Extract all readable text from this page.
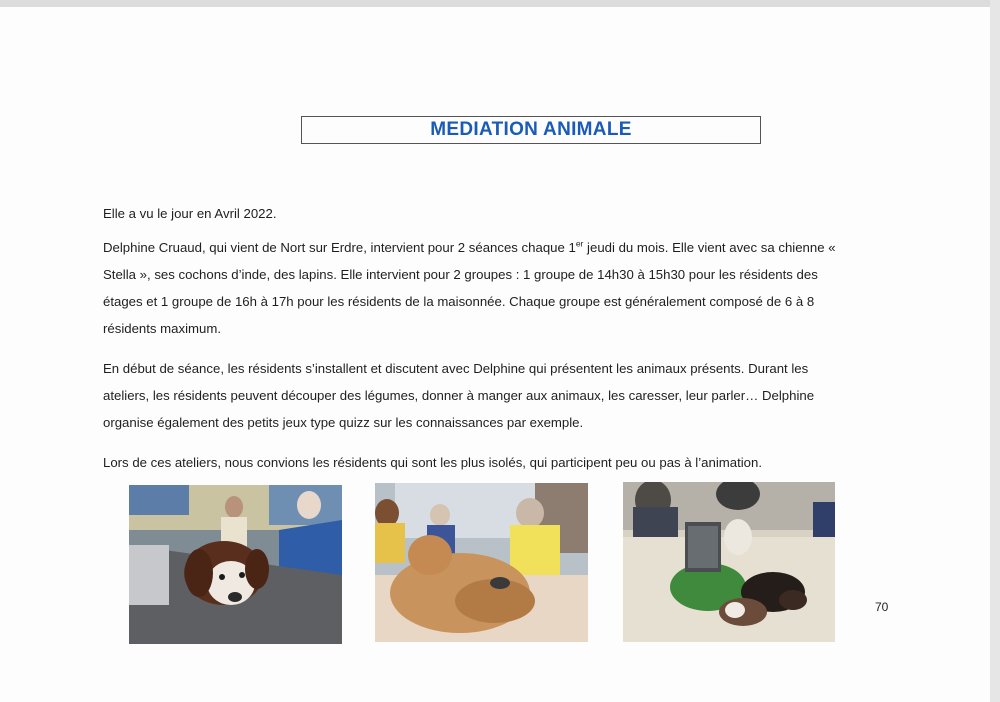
MEDIATION ANIMALE

Elle a vu le jour en Avril 2022.

Delphine Cruaud, qui vient de Nort sur Erdre, intervient pour 2 séances chaque 1er jeudi du mois. Elle vient avec sa chienne « Stella », ses cochons d’inde, des lapins. Elle intervient pour 2 groupes : 1 groupe de 14h30 à 15h30 pour les résidents des étages et 1 groupe de 16h à 17h pour les résidents de la maisonnée. Chaque groupe est généralement composé de 6 à 8 résidents maximum.

En début de séance, les résidents s’installent et discutent avec Delphine qui présentent les animaux présents. Durant les ateliers, les résidents peuvent découper des légumes, donner à manger aux animaux, les caresser, leur parler… Delphine organise également des petits jeux type quizz sur les connaissances par exemple.

Lors de ces ateliers, nous convions les résidents qui sont les plus isolés, qui participent peu ou pas à l’animation.

70
